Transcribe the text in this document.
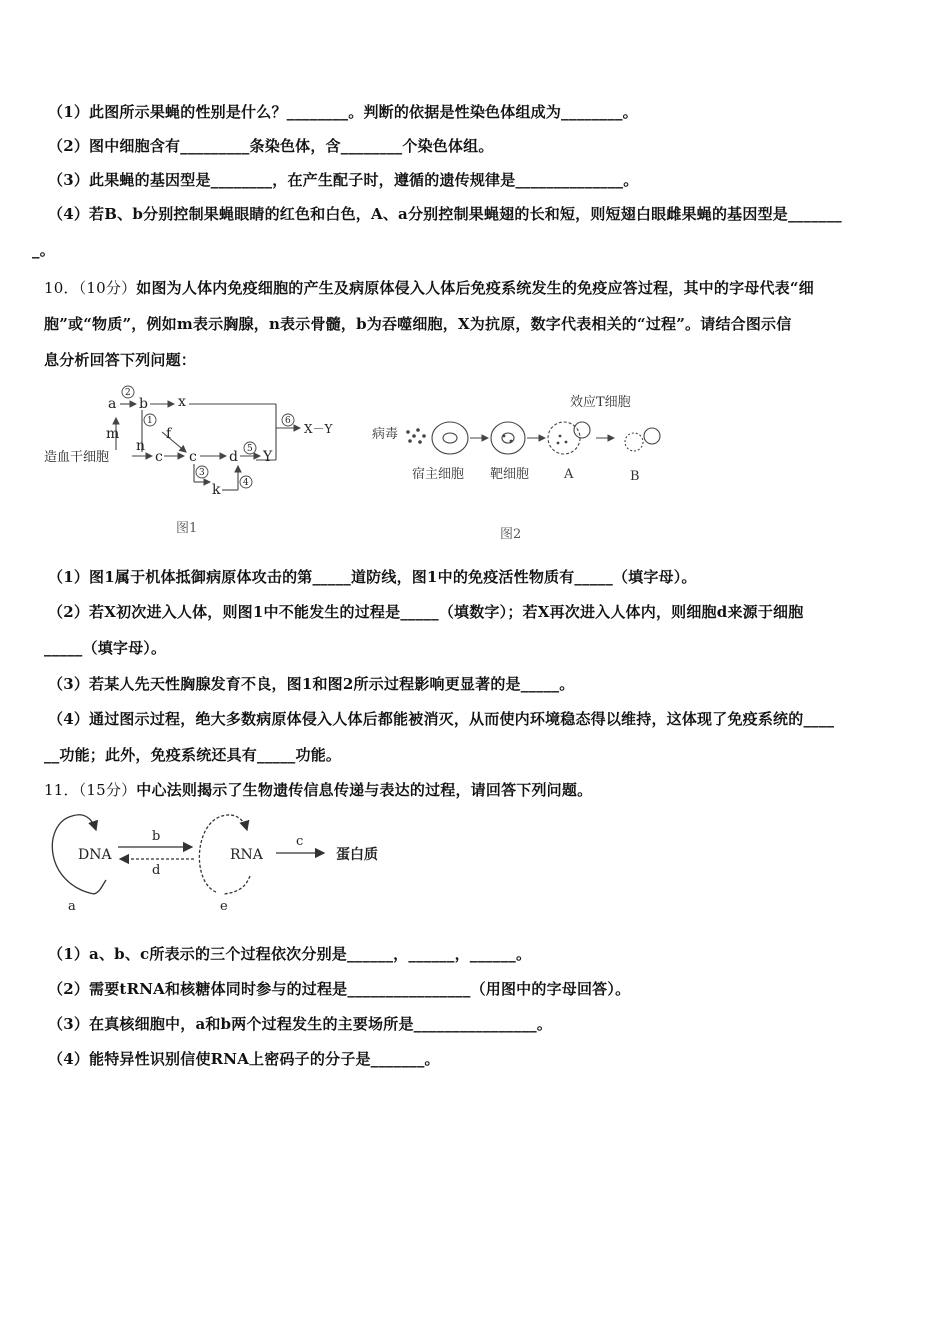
（1）此图所示果蝇的性别是什么？________。判断的依据是性染色体组成为________。
（2）图中细胞含有_________条染色体，含________个染色体组。
（3）此果蝇的基因型是________，在产生配子时，遵循的遗传规律是______________。
（4）若B、b分别控制果蝇眼睛的红色和白色，A、a分别控制果蝇翅的长和短，则短翅白眼雌果蝇的基因型是_______
_。
10．（10分）如图为人体内免疫细胞的产生及病原体侵入人体后免疫系统发生的免疫应答过程，其中的字母代表“细
胞”或“物质”，例如m表示胸腺，n表示骨髓，b为吞噬细胞，X为抗原，数字代表相关的“过程”。请结合图示信
息分析回答下列问题：
造血干细胞
m
a b x
f
n
c c d Y
k
X－Y
2
1
3
4
5
6
图1
病毒
效应T细胞
宿主细胞 靶细胞	A	B
图2
（1）图1属于机体抵御病原体攻击的第_____道防线，图1中的免疫活性物质有_____（填字母）。
（2）若X初次进入人体，则图1中不能发生的过程是_____（填数字）；若X再次进入人体内，则细胞d来源于细胞
_____（填字母）。
（3）若某人先天性胸腺发育不良，图1和图2所示过程影响更显著的是_____。
（4）通过图示过程，绝大多数病原体侵入人体后都能被消灭，从而使内环境稳态得以维持，这体现了免疫系统的____
__功能；此外，免疫系统还具有_____功能。
11．（15分）中心法则揭示了生物遗传信息传递与表达的过程，请回答下列问题。
DNA	RNA	蛋白质
b
d
c
a	e
（1）a、b、c所表示的三个过程依次分别是______，______，______。
（2）需要tRNA和核糖体同时参与的过程是________________（用图中的字母回答）。
（3）在真核细胞中，a和b两个过程发生的主要场所是________________。
（4）能特异性识别信使RNA上密码子的分子是_______。
